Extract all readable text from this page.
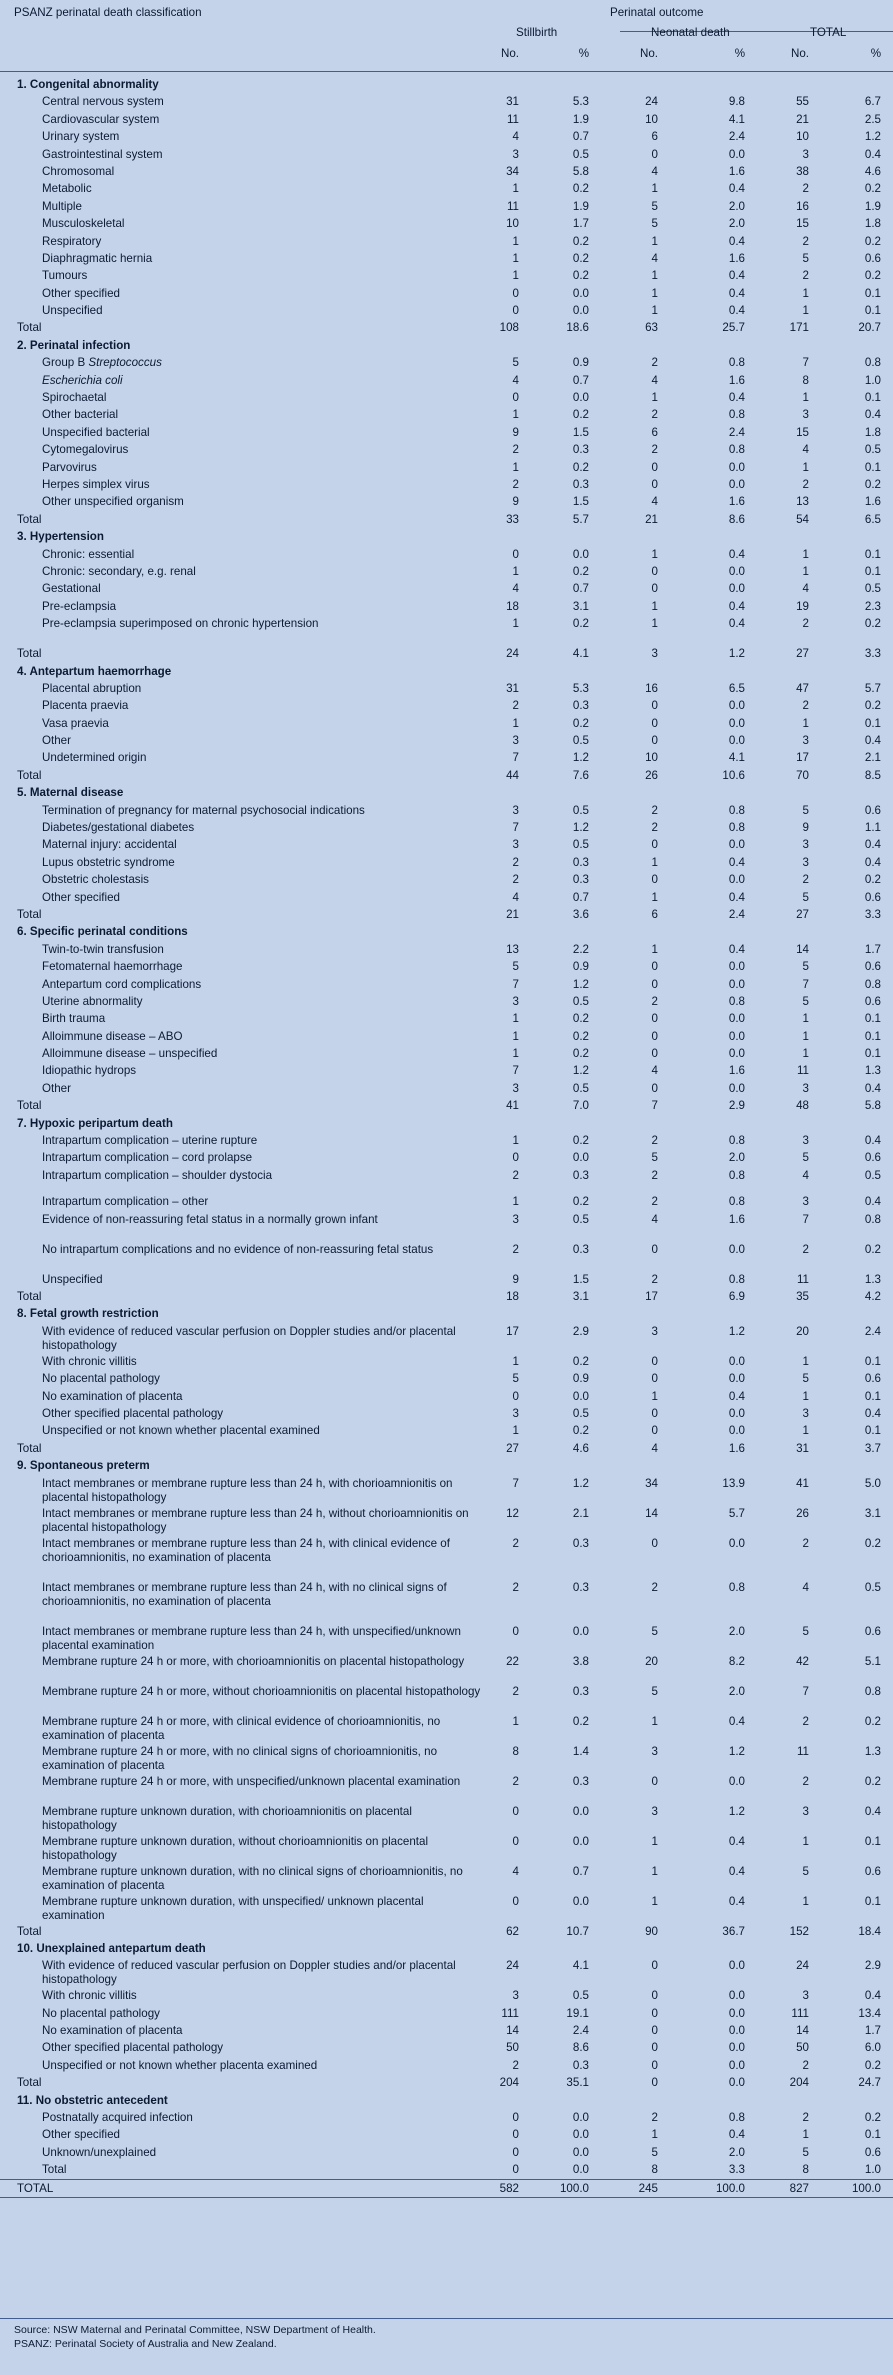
PSANZ perinatal death classification	Perinatal outcome
Stillbirth	Neonatal death	TOTAL
No.	%	No.	%	No.	%
1. Congenital abnormality
Central nervous system	31	5.3	24	9.8	55	6.7
Cardiovascular system	11	1.9	10	4.1	21	2.5
Urinary system	4	0.7	6	2.4	10	1.2
Gastrointestinal system	3	0.5	0	0.0	3	0.4
Chromosomal	34	5.8	4	1.6	38	4.6
Metabolic	1	0.2	1	0.4	2	0.2
Multiple	11	1.9	5	2.0	16	1.9
Musculoskeletal	10	1.7	5	2.0	15	1.8
Respiratory	1	0.2	1	0.4	2	0.2
Diaphragmatic hernia	1	0.2	4	1.6	5	0.6
Tumours	1	0.2	1	0.4	2	0.2
Other specified	0	0.0	1	0.4	1	0.1
Unspecified	0	0.0	1	0.4	1	0.1
Total	108	18.6	63	25.7	171	20.7
2. Perinatal infection
Group B Streptococcus	5	0.9	2	0.8	7	0.8
Escherichia coli	4	0.7	4	1.6	8	1.0
Spirochaetal	0	0.0	1	0.4	1	0.1
Other bacterial	1	0.2	2	0.8	3	0.4
Unspecified bacterial	9	1.5	6	2.4	15	1.8
Cytomegalovirus	2	0.3	2	0.8	4	0.5
Parvovirus	1	0.2	0	0.0	1	0.1
Herpes simplex virus	2	0.3	0	0.0	2	0.2
Other unspecified organism	9	1.5	4	1.6	13	1.6
Total	33	5.7	21	8.6	54	6.5
3. Hypertension
Chronic: essential	0	0.0	1	0.4	1	0.1
Chronic: secondary, e.g. renal	1	0.2	0	0.0	1	0.1
Gestational	4	0.7	0	0.0	4	0.5
Pre-eclampsia	18	3.1	1	0.4	19	2.3
Pre-eclampsia superimposed on chronic hypertension	1	0.2	1	0.4	2	0.2
Total	24	4.1	3	1.2	27	3.3
4. Antepartum haemorrhage
Placental abruption	31	5.3	16	6.5	47	5.7
Placenta praevia	2	0.3	0	0.0	2	0.2
Vasa praevia	1	0.2	0	0.0	1	0.1
Other	3	0.5	0	0.0	3	0.4
Undetermined origin	7	1.2	10	4.1	17	2.1
Total	44	7.6	26	10.6	70	8.5
5. Maternal disease
Termination of pregnancy for maternal psychosocial indications	3	0.5	2	0.8	5	0.6
Diabetes/gestational diabetes	7	1.2	2	0.8	9	1.1
Maternal injury: accidental	3	0.5	0	0.0	3	0.4
Lupus obstetric syndrome	2	0.3	1	0.4	3	0.4
Obstetric cholestasis	2	0.3	0	0.0	2	0.2
Other specified	4	0.7	1	0.4	5	0.6
Total	21	3.6	6	2.4	27	3.3
6. Specific perinatal conditions
Twin-to-twin transfusion	13	2.2	1	0.4	14	1.7
Fetomaternal haemorrhage	5	0.9	0	0.0	5	0.6
Antepartum cord complications	7	1.2	0	0.0	7	0.8
Uterine abnormality	3	0.5	2	0.8	5	0.6
Birth trauma	1	0.2	0	0.0	1	0.1
Alloimmune disease – ABO	1	0.2	0	0.0	1	0.1
Alloimmune disease – unspecified	1	0.2	0	0.0	1	0.1
Idiopathic hydrops	7	1.2	4	1.6	11	1.3
Other	3	0.5	0	0.0	3	0.4
Total	41	7.0	7	2.9	48	5.8
7. Hypoxic peripartum death
Intrapartum complication – uterine rupture	1	0.2	2	0.8	3	0.4
Intrapartum complication – cord prolapse	0	0.0	5	2.0	5	0.6
Intrapartum complication – shoulder dystocia	2	0.3	2	0.8	4	0.5
Intrapartum complication – other	1	0.2	2	0.8	3	0.4
Evidence of non-reassuring fetal status in a normally grown infant	3	0.5	4	1.6	7	0.8
No intrapartum complications and no evidence of non-reassuring fetal status	2	0.3	0	0.0	2	0.2
Unspecified	9	1.5	2	0.8	11	1.3
Total	18	3.1	17	6.9	35	4.2
8. Fetal growth restriction
With evidence of reduced vascular perfusion on Doppler studies and/or placental histopathology
17	2.9	3	1.2	20	2.4
With chronic villitis	1	0.2	0	0.0	1	0.1
No placental pathology	5	0.9	0	0.0	5	0.6
No examination of placenta	0	0.0	1	0.4	1	0.1
Other specified placental pathology	3	0.5	0	0.0	3	0.4
Unspecified or not known whether placental examined	1	0.2	0	0.0	1	0.1
Total	27	4.6	4	1.6	31	3.7
9. Spontaneous preterm
Intact membranes or membrane rupture less than 24 h, with chorioamnionitis on placental histopathology
7	1.2	34	13.9	41	5.0
Intact membranes or membrane rupture less than 24 h, without chorioamnionitis on placental histopathology
12	2.1	14	5.7	26	3.1
Intact membranes or membrane rupture less than 24 h, with clinical evidence of chorioamnionitis, no examination of placenta
2	0.3	0	0.0	2	0.2
Intact membranes or membrane rupture less than 24 h, with no clinical signs of chorioamnionitis, no examination of placenta
2	0.3	2	0.8	4	0.5
Intact membranes or membrane rupture less than 24 h, with unspecified/unknown placental examination
0	0.0	5	2.0	5	0.6
Membrane rupture 24 h or more, with chorioamnionitis on placental histopathology	22	3.8	20	8.2	42	5.1
Membrane rupture 24 h or more, without chorioamnionitis on placental histopathology	2	0.3	5	2.0	7	0.8
Membrane rupture 24 h or more, with clinical evidence of chorioamnionitis, no examination of placenta
1	0.2	1	0.4	2	0.2
Membrane rupture 24 h or more, with no clinical signs of chorioamnionitis, no examination of placenta
8	1.4	3	1.2	11	1.3
Membrane rupture 24 h or more, with unspecified/unknown placental examination	2	0.3	0	0.0	2	0.2
Membrane rupture unknown duration, with chorioamnionitis on placental histopathology
0	0.0	3	1.2	3	0.4
Membrane rupture unknown duration, without chorioamnionitis on placental histopathology
0	0.0	1	0.4	1	0.1
Membrane rupture unknown duration, with no clinical signs of chorioamnionitis, no examination of placenta
4	0.7	1	0.4	5	0.6
Membrane rupture unknown duration, with unspecified/ unknown placental examination
0	0.0	1	0.4	1	0.1
Total	62	10.7	90	36.7	152	18.4
10. Unexplained antepartum death
With evidence of reduced vascular perfusion on Doppler studies and/or placental histopathology
24	4.1	0	0.0	24	2.9
With chronic villitis	3	0.5	0	0.0	3	0.4
No placental pathology	111	19.1	0	0.0	111	13.4
No examination of placenta	14	2.4	0	0.0	14	1.7
Other specified placental pathology	50	8.6	0	0.0	50	6.0
Unspecified or not known whether placenta examined	2	0.3	0	0.0	2	0.2
Total	204	35.1	0	0.0	204	24.7
11. No obstetric antecedent
Postnatally acquired infection	0	0.0	2	0.8	2	0.2
Other specified	0	0.0	1	0.4	1	0.1
Unknown/unexplained	0	0.0	5	2.0	5	0.6
Total	0	0.0	8	3.3	8	1.0
TOTAL	582	100.0	245	100.0	827	100.0
Source: NSW Maternal and Perinatal Committee, NSW Department of Health.
PSANZ: Perinatal Society of Australia and New Zealand.
